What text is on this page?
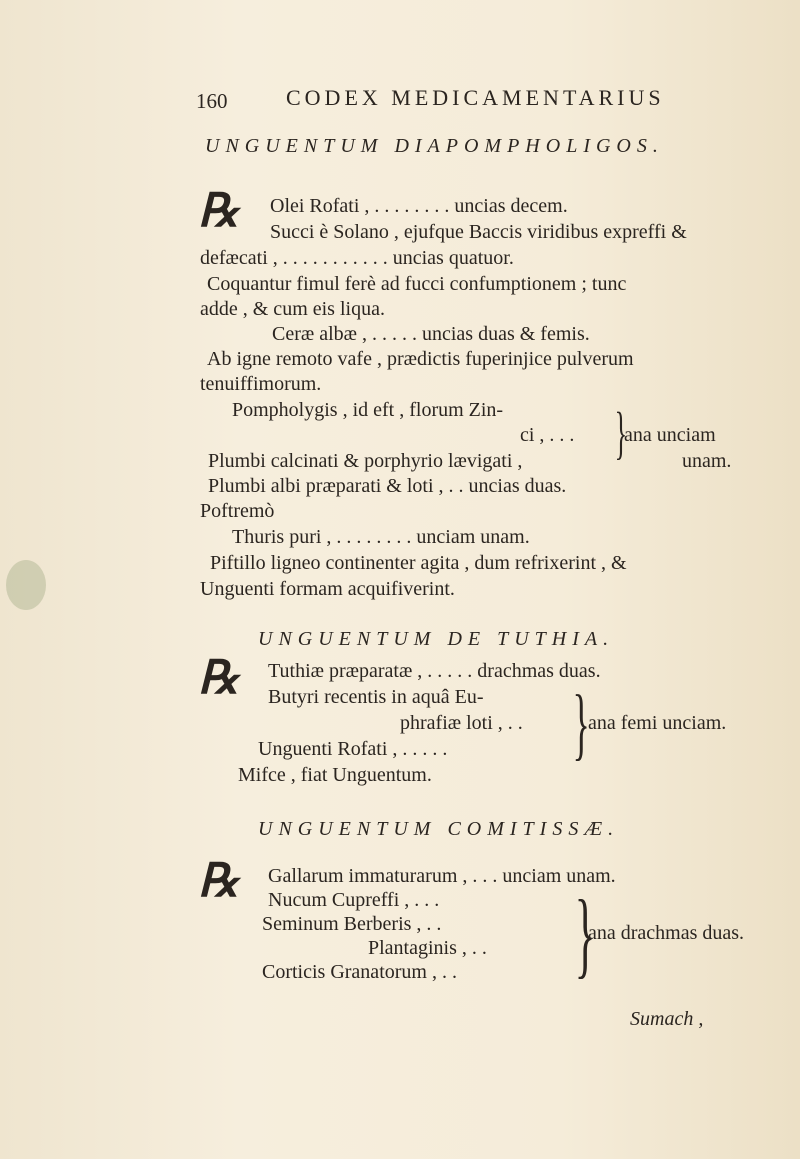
160	CODEX MEDICAMENTARIUS
UNGUENTUM DIAPOMPHOLIGOS.
℞ Olei Rofati , . . . . . . . . uncias decem.
Succi è Solano , ejufque Baccis viridibus expreffi &
defæcati , . . . . . . . . . . . uncias quatuor.
Coquantur fimul ferè ad fucci confumptionem ; tunc
adde , & cum eis liqua.
Ceræ albæ , . . . . . uncias duas & femis.
Ab igne remoto vafe , prædictis fuperinjice pulverum
tenuiffimorum.
Pompholygis , id eft , florum Zin-
ci , . . .
Plumbi calcinati & porphyrio lævigati , }
ana unciam
unam.
Plumbi albi præparati & loti , . . uncias duas.
Poftremò
Thuris puri , . . . . . . . . unciam unam.
Piftillo ligneo continenter agita , dum refrixerint , &
Unguenti formam acquifiverint.
UNGUENTUM DE TUTHIA.
℞ Tuthiæ præparatæ , . . . . . drachmas duas.
Butyri recentis in aquâ Eu-
phrafiæ loti , . .
Unguenti Rofati , . . . . . }
ana femi unciam.
Mifce , fiat Unguentum.
UNGUENTUM COMITISSÆ.
℞ Gallarum immaturarum , . . . unciam unam.
Nucum Cupreffi , . . .
Seminum Berberis , . .
Plantaginis , . .
Corticis Granatorum , . . }
ana drachmas duas.
Sumach ,
